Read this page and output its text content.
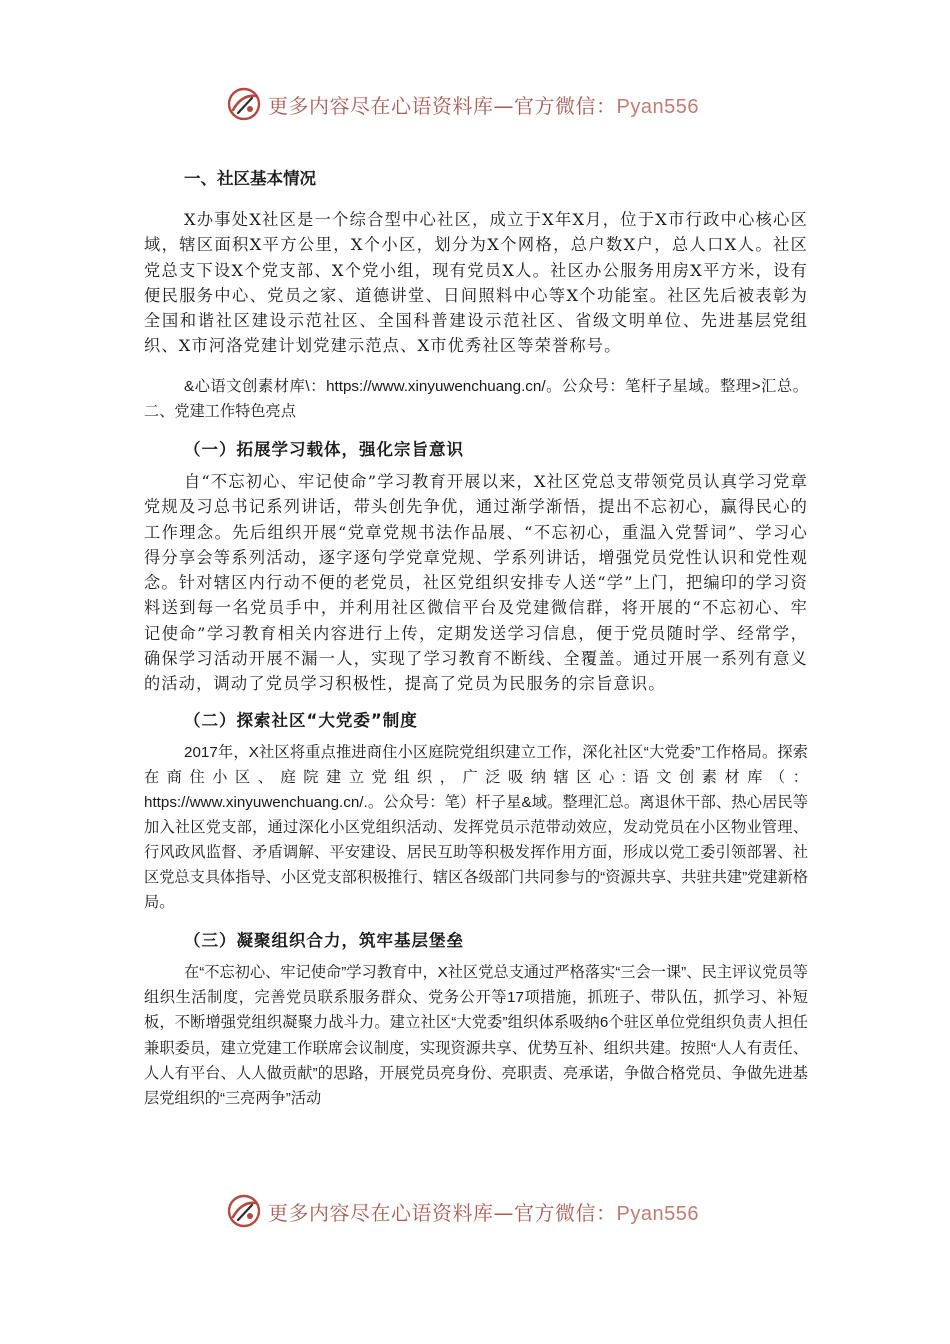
更多内容尽在心语资料库—官方微信：Pyan556
一、社区基本情况

X办事处X社区是一个综合型中心社区，成立于X年X月，位于X市行政中心核心区域，辖区面积X平方公里，X个小区，划分为X个网格，总户数X户，总人口X人。社区党总支下设X个党支部、X个党小组，现有党员X人。社区办公服务用房X平方米，设有便民服务中心、党员之家、道德讲堂、日间照料中心等X个功能室。社区先后被表彰为全国和谐社区建设示范社区、全国科普建设示范社区、省级文明单位、先进基层党组织、X市河洛党建计划党建示范点、X市优秀社区等荣誉称号。

&心语文创素材库\：https://www.xinyuwenchuang.cn/。公众号：笔杆子星域。整理>汇总。二、党建工作特色亮点

（一）拓展学习载体，强化宗旨意识

自“不忘初心、牢记使命”学习教育开展以来，X社区党总支带领党员认真学习党章党规及习总书记系列讲话，带头创先争优，通过渐学渐悟，提出不忘初心，赢得民心的工作理念。先后组织开展“党章党规书法作品展、“不忘初心，重温入党誓词”、学习心得分享会等系列活动，逐字逐句学党章党规、学系列讲话，增强党员党性认识和党性观念。针对辖区内行动不便的老党员，社区党组织安排专人送“学”上门，把编印的学习资料送到每一名党员手中，并利用社区微信平台及党建微信群，将开展的“不忘初心、牢记使命”学习教育相关内容进行上传，定期发送学习信息，便于党员随时学、经常学，确保学习活动开展不漏一人，实现了学习教育不断线、全覆盖。通过开展一系列有意义的活动，调动了党员学习积极性，提高了党员为民服务的宗旨意识。

（二）探索社区“大党委”制度

2017年，X社区将重点推进商住小区庭院党组织建立工作，深化社区“大党委”工作格局。探索在商住小区、庭院建立党组织，广泛吸纳辖区心:语文创素材库（：https://www.xinyuwenchuang.cn/.。公众号：笔）杆子星&域。整理汇总。离退休干部、热心居民等加入社区党支部，通过深化小区党组织活动、发挥党员示范带动效应，发动党员在小区物业管理、行风政风监督、矛盾调解、平安建设、居民互助等积极发挥作用方面，形成以党工委引领部署、社区党总支具体指导、小区党支部积极推行、辖区各级部门共同参与的“资源共享、共驻共建”党建新格局。

（三）凝聚组织合力，筑牢基层堡垒

在“不忘初心、牢记使命”学习教育中，X社区党总支通过严格落实“三会一课”、民主评议党员等组织生活制度，完善党员联系服务群众、党务公开等17项措施，抓班子、带队伍，抓学习、补短板，不断增强党组织凝聚力战斗力。建立社区“大党委”组织体系吸纳6个驻区单位党组织负责人担任兼职委员，建立党建工作联席会议制度，实现资源共享、优势互补、组织共建。按照“人人有责任、人人有平台、人人做贡献”的思路，开展党员亮身份、亮职责、亮承诺，争做合格党员、争做先进基层党组织的“三亮两争”活动

更多内容尽在心语资料库—官方微信：Pyan556
